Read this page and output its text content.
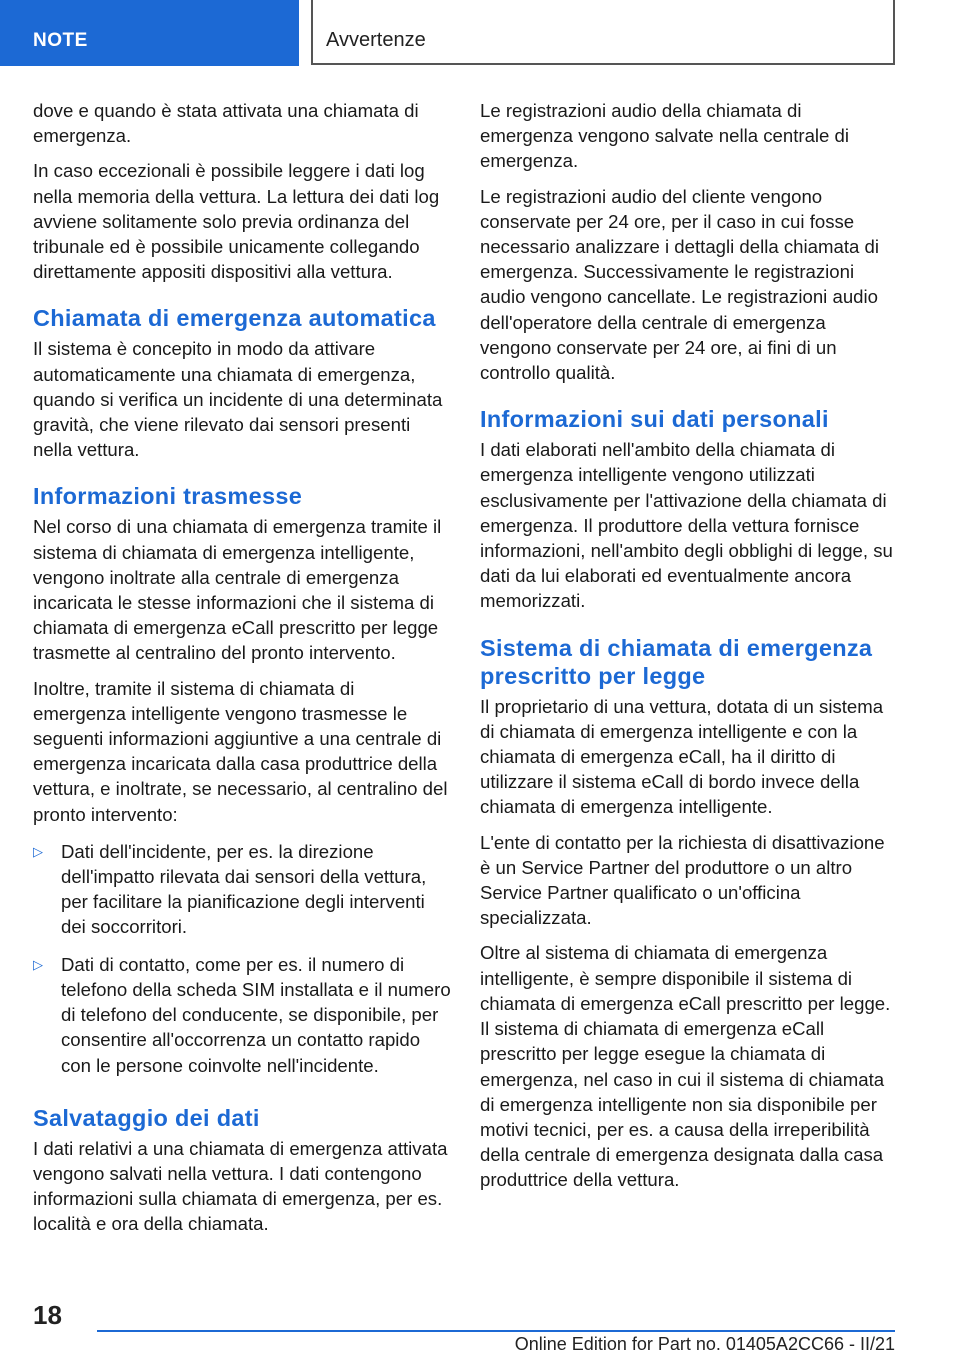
NOTE	Avvertenze

dove e quando è stata attivata una chiamata di emergenza.

In caso eccezionali è possibile leggere i dati log nella memoria della vettura. La lettura dei dati log avviene solitamente solo previa ordinanza del tribunale ed è possibile unicamente collegando direttamente appositi dispositivi alla vettura.

Chiamata di emergenza automatica

Il sistema è concepito in modo da attivare automaticamente una chiamata di emergenza, quando si verifica un incidente di una determinata gravità, che viene rilevato dai sensori presenti nella vettura.

Informazioni trasmesse

Nel corso di una chiamata di emergenza tramite il sistema di chiamata di emergenza intelligente, vengono inoltrate alla centrale di emergenza incaricata le stesse informazioni che il sistema di chiamata di emergenza eCall prescritto per legge trasmette al centralino del pronto intervento.

Inoltre, tramite il sistema di chiamata di emergenza intelligente vengono trasmesse le seguenti informazioni aggiuntive a una centrale di emergenza incaricata dalla casa produttrice della vettura, e inoltrate, se necessario, al centralino del pronto intervento:

▷ Dati dell'incidente, per es. la direzione dell'impatto rilevata dai sensori della vettura, per facilitare la pianificazione degli interventi dei soccorritori.
▷ Dati di contatto, come per es. il numero di telefono della scheda SIM installata e il numero di telefono del conducente, se disponibile, per consentire all'occorrenza un contatto rapido con le persone coinvolte nell'incidente.
Salvataggio dei dati

I dati relativi a una chiamata di emergenza attivata vengono salvati nella vettura. I dati contengono informazioni sulla chiamata di emergenza, per es. località e ora della chiamata.

Le registrazioni audio della chiamata di emergenza vengono salvate nella centrale di emergenza.

Le registrazioni audio del cliente vengono conservate per 24 ore, per il caso in cui fosse necessario analizzare i dettagli della chiamata di emergenza. Successivamente le registrazioni audio vengono cancellate. Le registrazioni audio dell'operatore della centrale di emergenza vengono conservate per 24 ore, ai fini di un controllo qualità.

Informazioni sui dati personali

I dati elaborati nell'ambito della chiamata di emergenza intelligente vengono utilizzati esclusivamente per l'attivazione della chiamata di emergenza. Il produttore della vettura fornisce informazioni, nell'ambito degli obblighi di legge, su dati da lui elaborati ed eventualmente ancora memorizzati.

Sistema di chiamata di emergenza prescritto per legge

Il proprietario di una vettura, dotata di un sistema di chiamata di emergenza intelligente e con la chiamata di emergenza eCall, ha il diritto di utilizzare il sistema eCall di bordo invece della chiamata di emergenza intelligente.

L'ente di contatto per la richiesta di disattivazione è un Service Partner del produttore o un altro Service Partner qualificato o un'officina specializzata.

Oltre al sistema di chiamata di emergenza intelligente, è sempre disponibile il sistema di chiamata di emergenza eCall prescritto per legge. Il sistema di chiamata di emergenza eCall prescritto per legge esegue la chiamata di emergenza, nel caso in cui il sistema di chiamata di emergenza intelligente non sia disponibile per motivi tecnici, per es. a causa della irreperibilità della centrale di emergenza designata dalla casa produttrice della vettura.

18
Online Edition for Part no. 01405A2CC66 - II/21
